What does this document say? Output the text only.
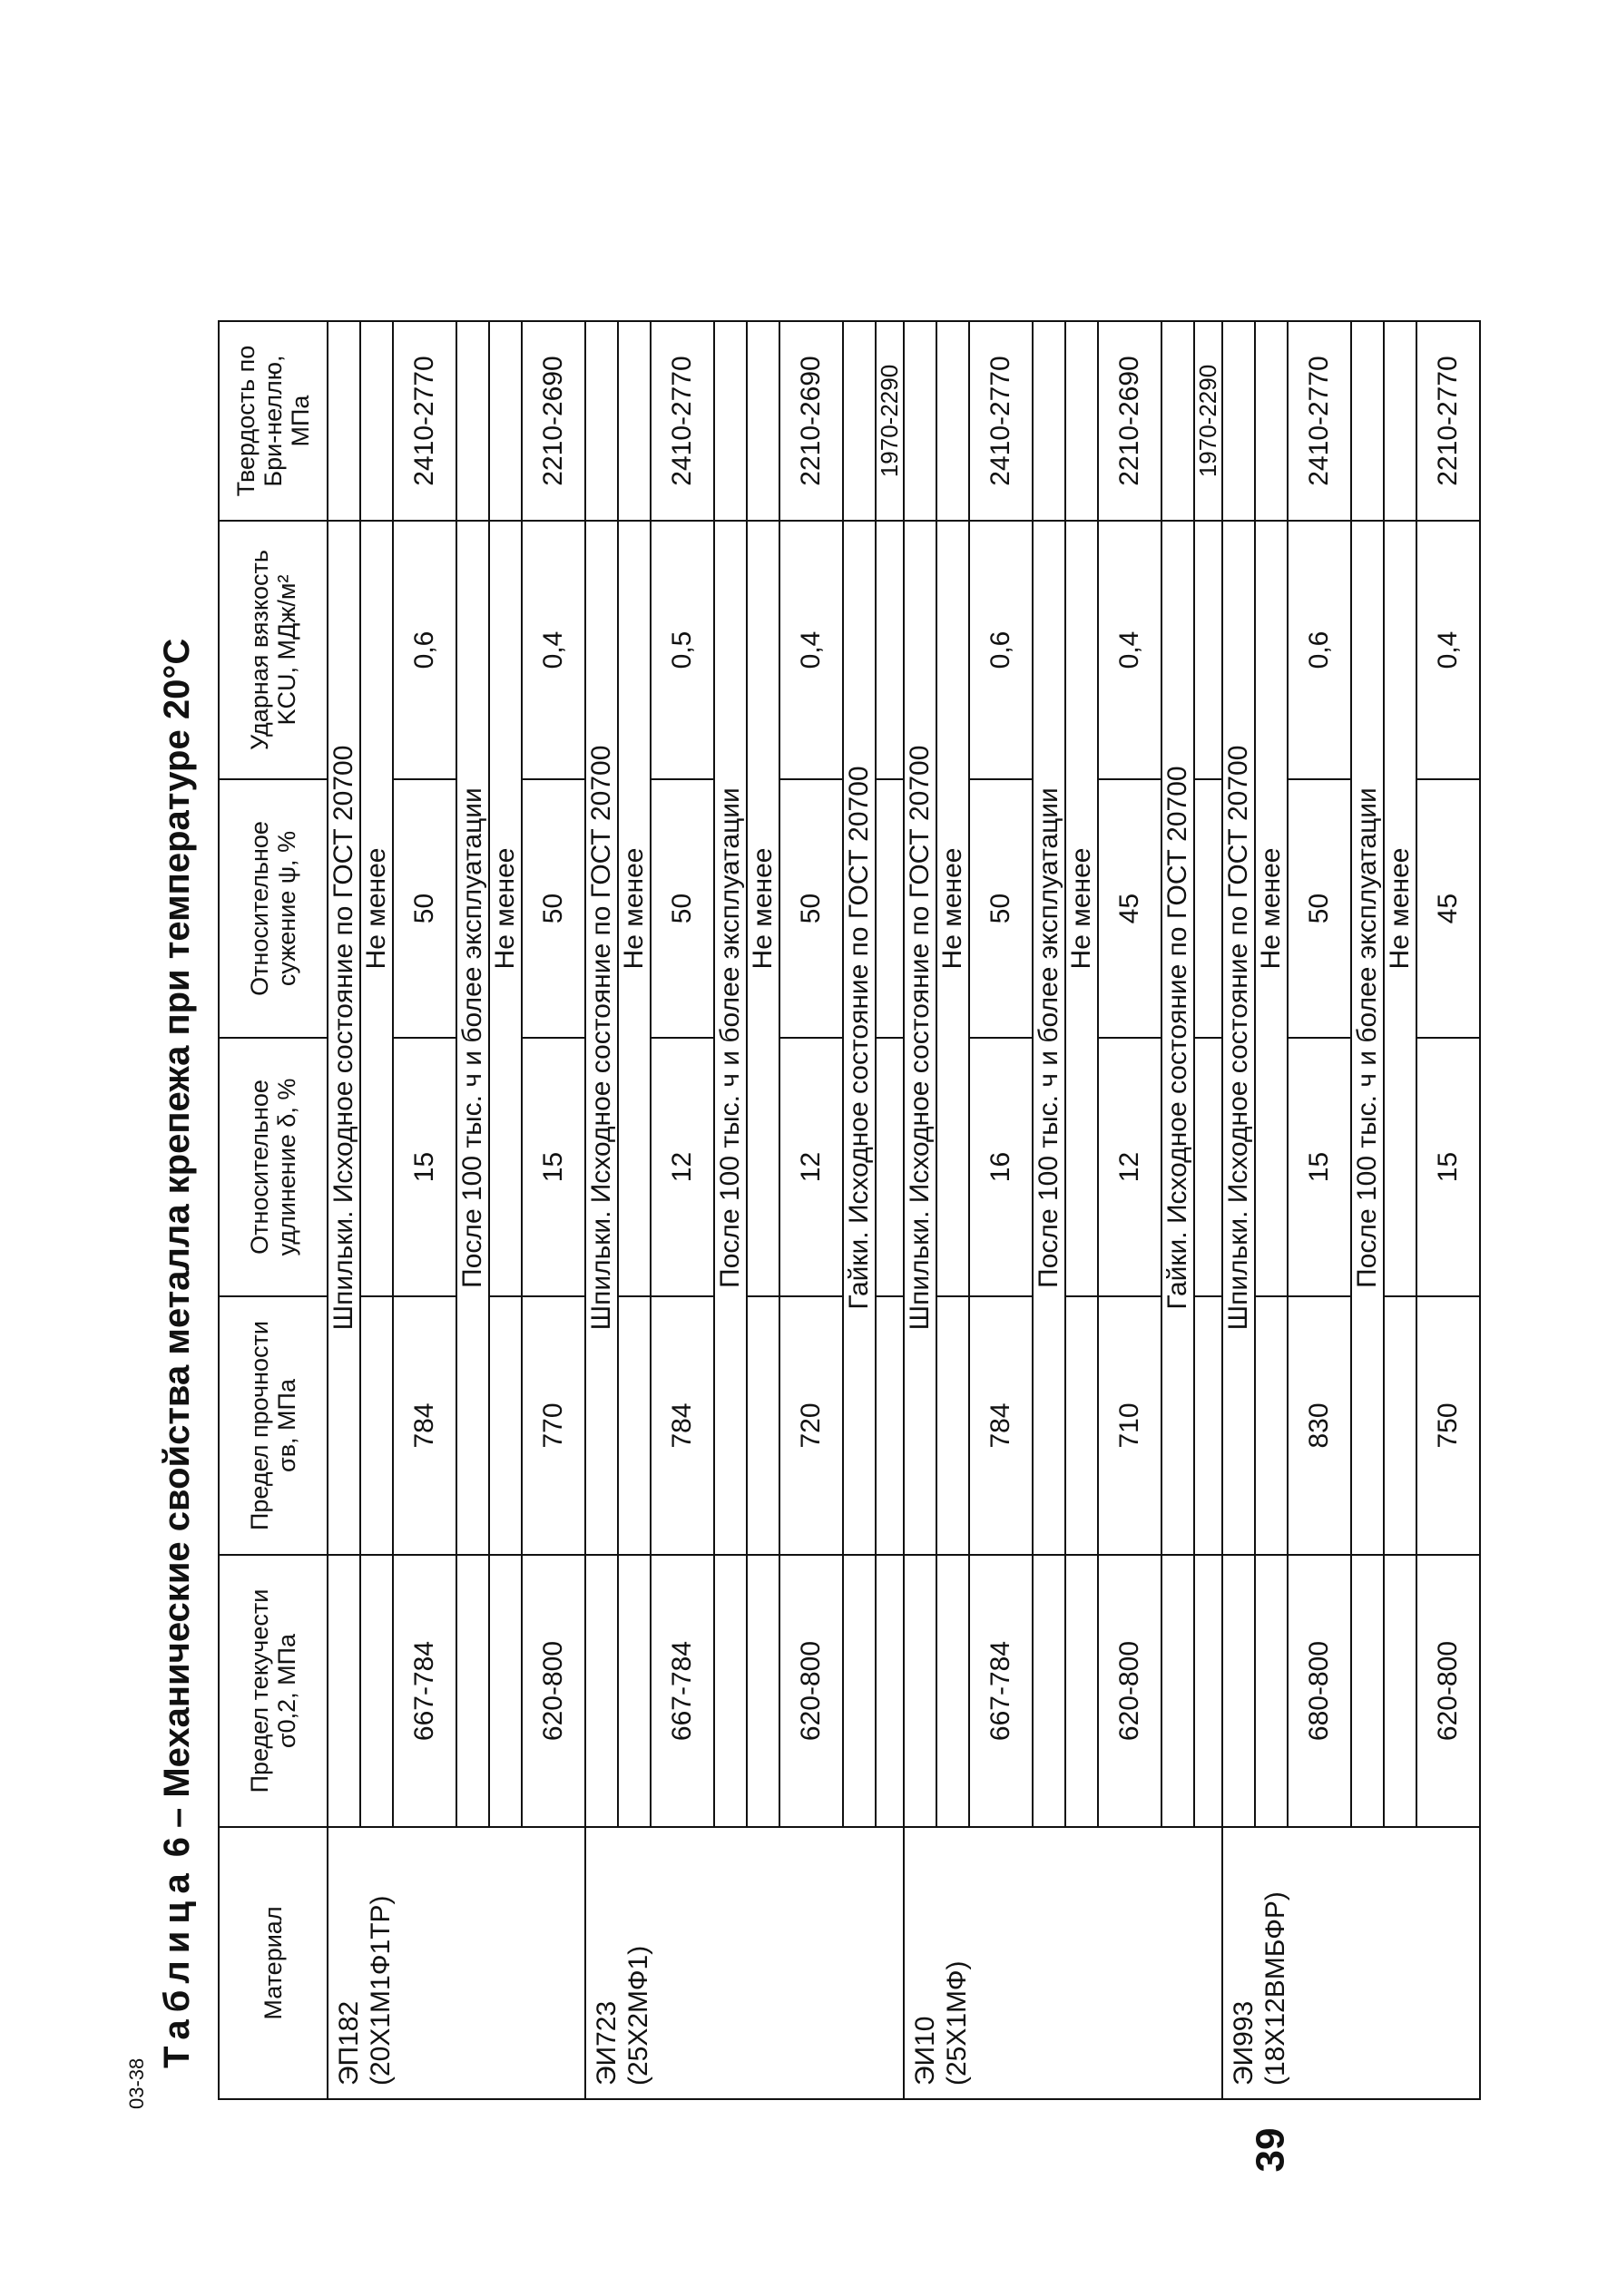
03-38
39
Таблица
6
– Механические свойства металла крепежа при температуре 20°С
Материал	Предел текучести σ0,2, МПа	Предел прочности σв, МПа	Относительное удлинение δ, %	Относительное сужение ψ, %	Ударная вязкость KCU, МДж/м²	Твердость по Бри-неллю, МПа

ЭП182 (20Х1М1Ф1ТР)		Шпильки. Исходное состояние по ГОСТ 20700				
			Не менее			
	667-784	784	15	50	0,6	2410-2770
		После 100 тыс. ч и более эксплуатации				
			Не менее			
	620-800	770	15	50	0,4	2210-2690

ЭИ723 (25Х2МФ1)		Шпильки. Исходное состояние по ГОСТ 20700				
			Не менее			
	667-784	784	12	50	0,5	2410-2770
		После 100 тыс. ч и более эксплуатации				
			Не менее			
	620-800	720	12	50	0,4	2210-2690
		Гайки. Исходное состояние по ГОСТ 20700				
						1970-2290

ЭИ10 (25Х1МФ)		Шпильки. Исходное состояние по ГОСТ 20700				
			Не менее			
	667-784	784	16	50	0,6	2410-2770
		После 100 тыс. ч и более эксплуатации				
			Не менее			
	620-800	710	12	45	0,4	2210-2690
		Гайки. Исходное состояние по ГОСТ 20700				
						1970-2290

ЭИ993 (18Х12ВМБФР)		Шпильки. Исходное состояние по ГОСТ 20700				
			Не менее			
	680-800	830	15	50	0,6	2410-2770
		После 100 тыс. ч и более эксплуатации				
			Не менее			
	620-800	750	15	45	0,4	2210-2770
